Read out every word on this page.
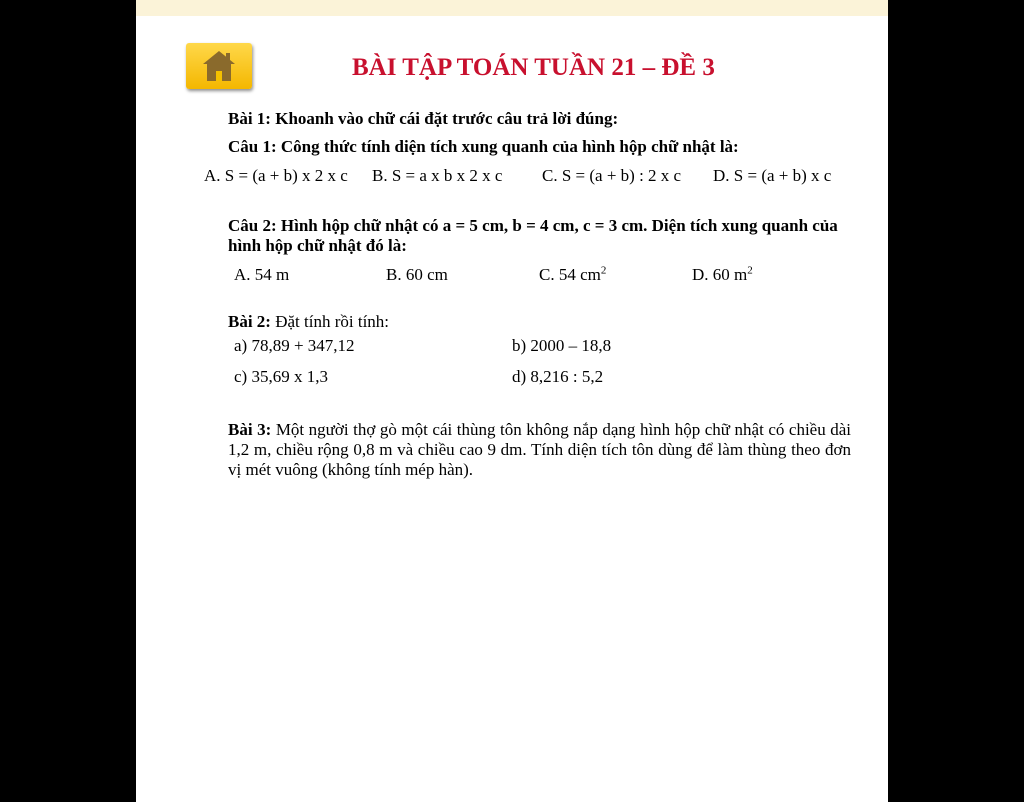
BÀI TẬP TOÁN TUẦN 21 – ĐỀ 3
Bài 1: Khoanh vào chữ cái đặt trước câu trả lời đúng:
Câu 1: Công thức tính diện tích xung quanh của hình hộp chữ nhật là:
A. S = (a + b) x 2 x c B. S = a x b x 2 x c C. S = (a + b) : 2 x c D. S = (a + b) x c
Câu 2: Hình hộp chữ nhật có a = 5 cm, b = 4 cm, c = 3 cm. Diện tích xung quanh của hình hộp chữ nhật đó là:
A. 54 m	B. 60 cm	C. 54 $cm^2$	D. 60 $m^2$
Bài 2: Đặt tính rồi tính:
a) 78,89 + 347,12	b) 2000 – 18,8
c) 35,69 x 1,3	d) 8,216 : 5,2
Bài 3: Một người thợ gò một cái thùng tôn không nắp dạng hình hộp chữ nhật có chiều dài 1,2 m, chiều rộng 0,8 m và chiều cao 9 dm. Tính diện tích tôn dùng để làm thùng theo đơn vị mét vuông (không tính mép hàn).
